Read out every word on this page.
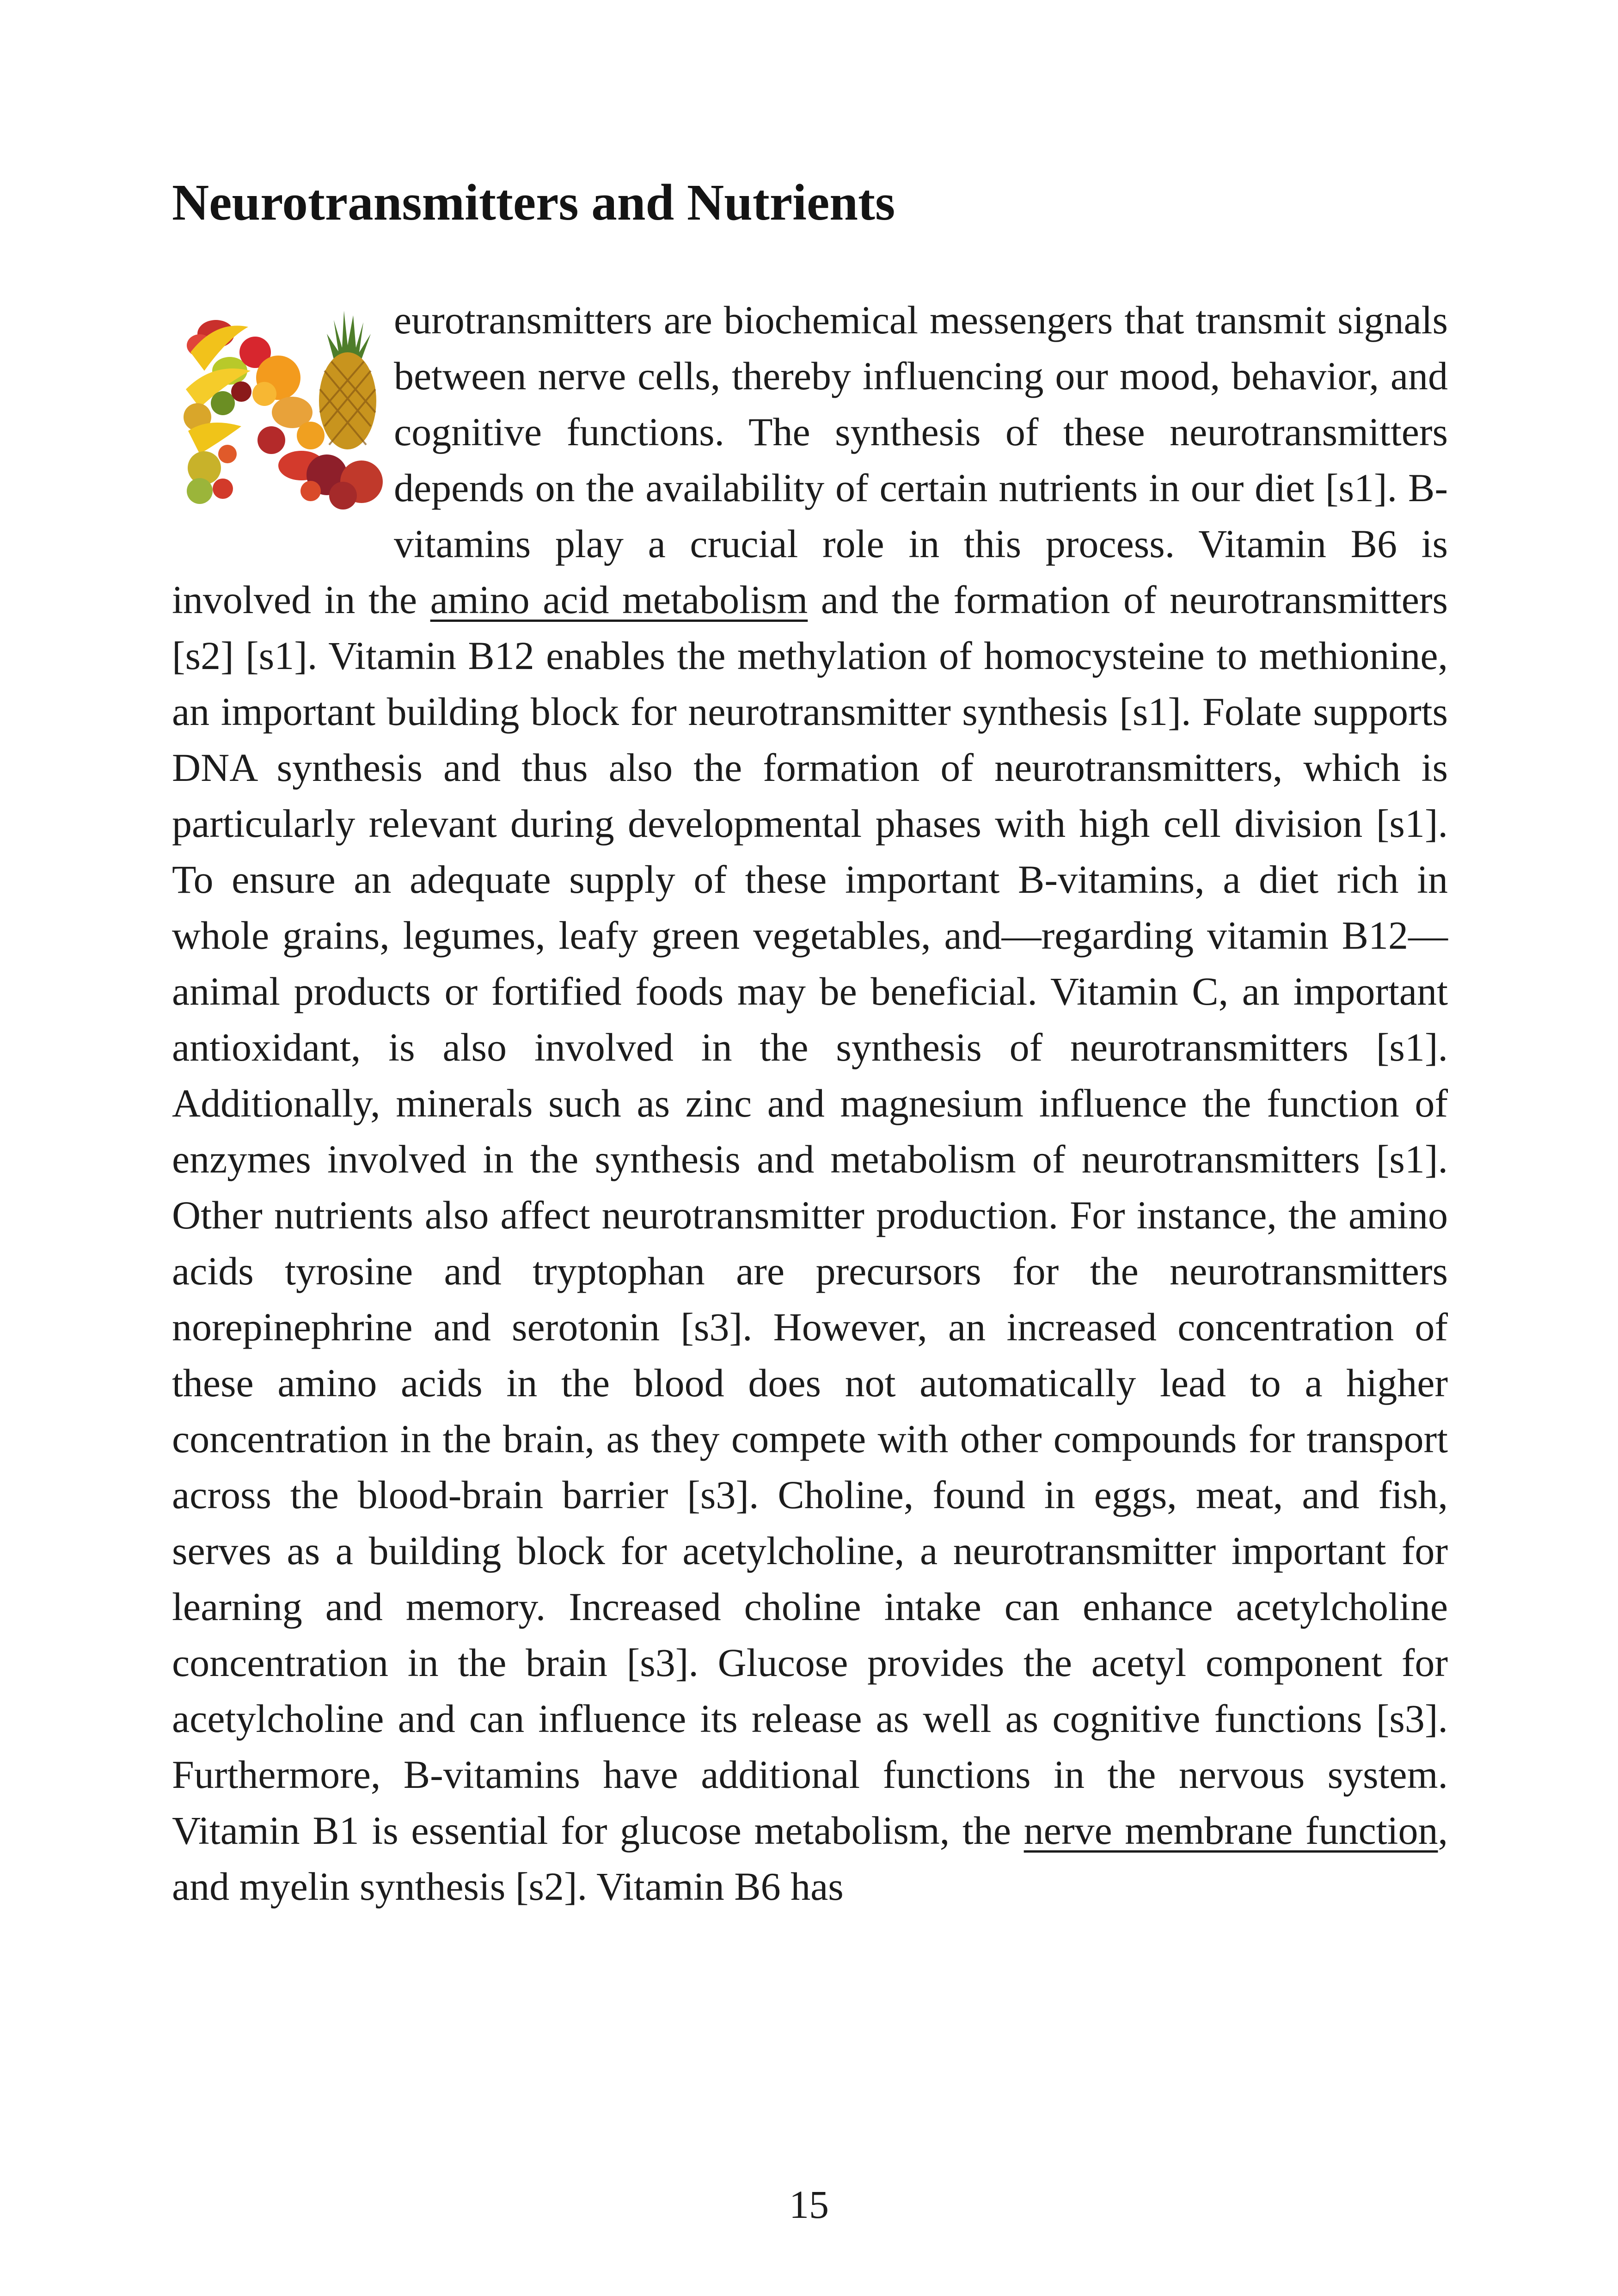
Neurotransmitters and Nutrients

eurotransmitters are biochemical messengers that transmit signals between nerve cells, thereby influencing our mood, behavior, and cognitive functions. The synthesis of these neurotransmitters depends on the availability of certain nutrients in our diet [s1]. B-vitamins play a crucial role in this process. Vitamin B6 is involved in the amino acid metabolism and the formation of neurotransmitters [s2] [s1]. Vitamin B12 enables the methylation of homocysteine to methionine, an important building block for neurotransmitter synthesis [s1]. Folate supports DNA synthesis and thus also the formation of neurotransmitters, which is particularly relevant during developmental phases with high cell division [s1]. To ensure an adequate supply of these important B-vitamins, a diet rich in whole grains, legumes, leafy green vegetables, and—regarding vitamin B12—animal products or fortified foods may be beneficial. Vitamin C, an important antioxidant, is also involved in the synthesis of neurotransmitters [s1]. Additionally, minerals such as zinc and magnesium influence the function of enzymes involved in the synthesis and metabolism of neurotransmitters [s1]. Other nutrients also affect neurotransmitter production. For instance, the amino acids tyrosine and tryptophan are precursors for the neurotransmitters norepinephrine and serotonin [s3]. However, an increased concentration of these amino acids in the blood does not automatically lead to a higher concentration in the brain, as they compete with other compounds for transport across the blood-brain barrier [s3]. Choline, found in eggs, meat, and fish, serves as a building block for acetylcholine, a neurotransmitter important for learning and memory. Increased choline intake can enhance acetylcholine concentration in the brain [s3]. Glucose provides the acetyl component for acetylcholine and can influence its release as well as cognitive functions [s3]. Furthermore, B-vitamins have additional functions in the nervous system. Vitamin B1 is essential for glucose metabolism, the nerve membrane function, and myelin synthesis [s2]. Vitamin B6 has

15
